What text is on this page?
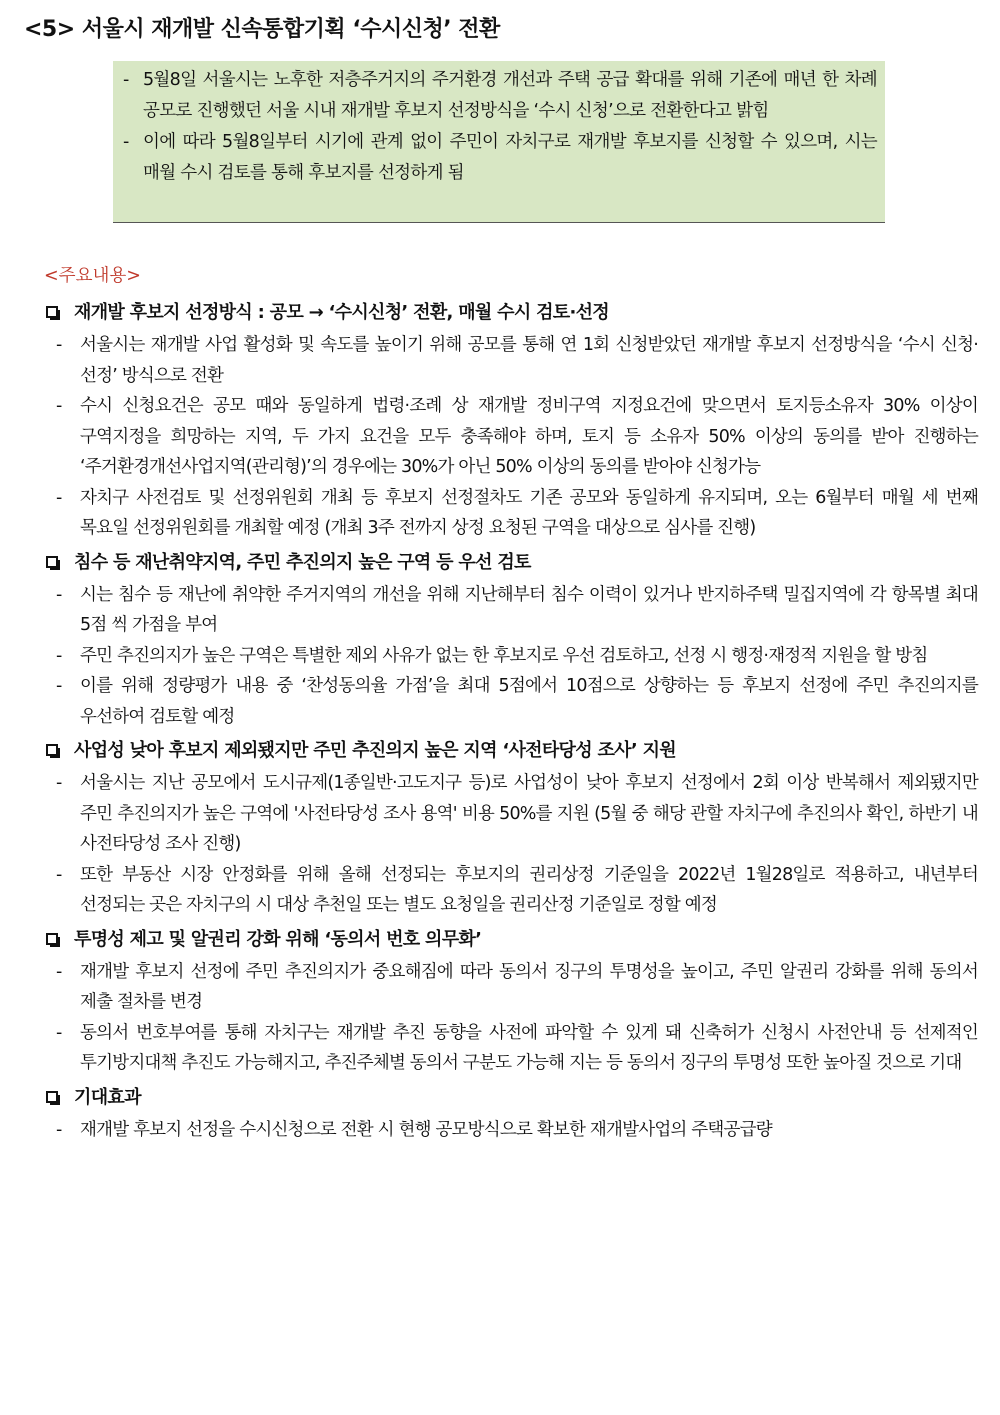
<5> 서울시 재개발 신속통합기획 ‘수시신청’ 전환
- 5월8일 서울시는 노후한 저층주거지의 주거환경 개선과 주택 공급 확대를 위해 기존에 매년 한 차례 공모로 진행했던 서울 시내 재개발 후보지 선정방식을 ‘수시 신청’으로 전환한다고 밝힘
- 이에 따라 5월8일부터 시기에 관계 없이 주민이 자치구로 재개발 후보지를 신청할 수 있으며, 시는 매월 수시 검토를 통해 후보지를 선정하게 됨
<주요내용>
재개발 후보지 선정방식 : 공모 → ‘수시신청’ 전환, 매월 수시 검토·선정
- 서울시는 재개발 사업 활성화 및 속도를 높이기 위해 공모를 통해 연 1회 신청받았던 재개발 후보지 선정방식을 ‘수시 신청·선정’ 방식으로 전환
- 수시 신청요건은 공모 때와 동일하게 법령·조례 상 재개발 정비구역 지정요건에 맞으면서 토지등소유자 30% 이상이 구역지정을 희망하는 지역, 두 가지 요건을 모두 충족해야 하며, 토지 등 소유자 50% 이상의 동의를 받아 진행하는 ‘주거환경개선사업지역(관리형)’의 경우에는 30%가 아닌 50% 이상의 동의를 받아야 신청가능
- 자치구 사전검토 및 선정위원회 개최 등 후보지 선정절차도 기존 공모와 동일하게 유지되며, 오는 6월부터 매월 세 번째 목요일 선정위원회를 개최할 예정 (개최 3주 전까지 상정 요청된 구역을 대상으로 심사를 진행)
침수 등 재난취약지역, 주민 추진의지 높은 구역 등 우선 검토
- 시는 침수 등 재난에 취약한 주거지역의 개선을 위해 지난해부터 침수 이력이 있거나 반지하주택 밀집지역에 각 항목별 최대 5점 씩 가점을 부여
- 주민 추진의지가 높은 구역은 특별한 제외 사유가 없는 한 후보지로 우선 검토하고, 선정 시 행정·재정적 지원을 할 방침
- 이를 위해 정량평가 내용 중 ‘찬성동의율 가점’을 최대 5점에서 10점으로 상향하는 등 후보지 선정에 주민 추진의지를 우선하여 검토할 예정
사업성 낮아 후보지 제외됐지만 주민 추진의지 높은 지역 ‘사전타당성 조사’ 지원
- 서울시는 지난 공모에서 도시규제(1종일반·고도지구 등)로 사업성이 낮아 후보지 선정에서 2회 이상 반복해서 제외됐지만 주민 추진의지가 높은 구역에 '사전타당성 조사 용역' 비용 50%를 지원 (5월 중 해당 관할 자치구에 추진의사 확인, 하반기 내 사전타당성 조사 진행)
- 또한 부동산 시장 안정화를 위해 올해 선정되는 후보지의 권리상정 기준일을 2022년 1월28일로 적용하고, 내년부터 선정되는 곳은 자치구의 시 대상 추천일 또는 별도 요청일을 권리산정 기준일로 정할 예정
투명성 제고 및 알권리 강화 위해 ‘동의서 번호 의무화’
- 재개발 후보지 선정에 주민 추진의지가 중요해짐에 따라 동의서 징구의 투명성을 높이고, 주민 알권리 강화를 위해 동의서 제출 절차를 변경
- 동의서 번호부여를 통해 자치구는 재개발 추진 동향을 사전에 파악할 수 있게 돼 신축허가 신청시 사전안내 등 선제적인 투기방지대책 추진도 가능해지고, 추진주체별 동의서 구분도 가능해 지는 등 동의서 징구의 투명성 또한 높아질 것으로 기대
기대효과
- 재개발 후보지 선정을 수시신청으로 전환 시 현행 공모방식으로 확보한 재개발사업의 주택공급량
